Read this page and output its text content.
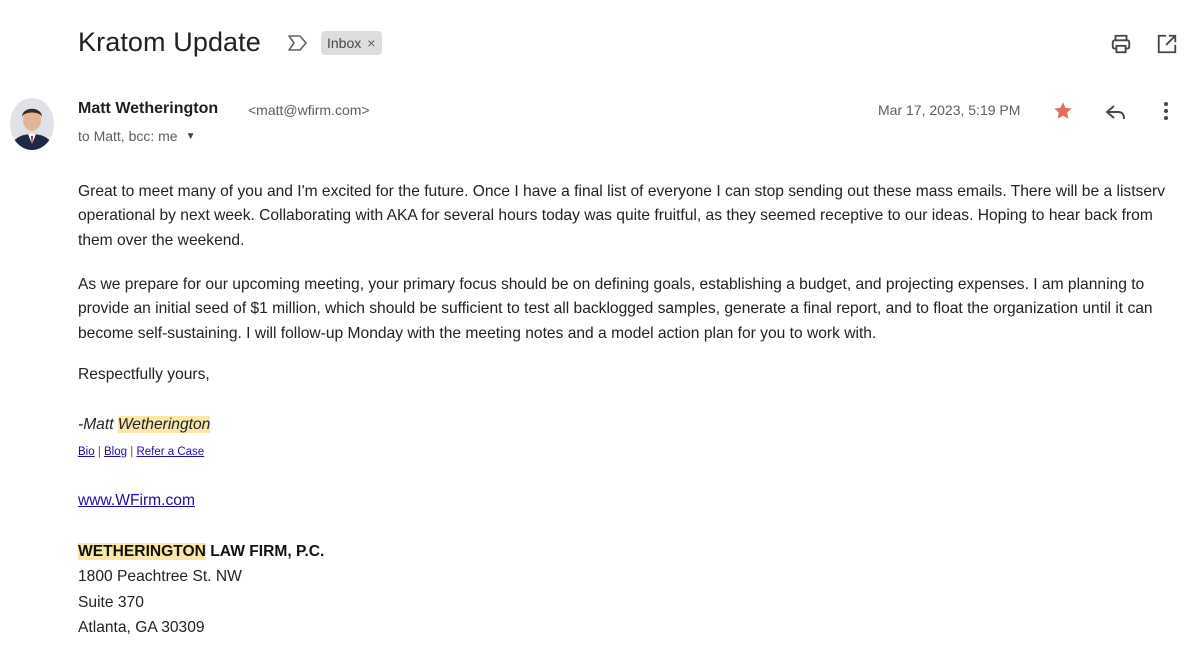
Kratom Update	Inbox ×
Matt Wetherington <matt@wfirm.com>
to Matt, bcc: me ▼
Mar 17, 2023, 5:19 PM

Great to meet many of you and I'm excited for the future. Once I have a final list of everyone I can stop sending out these mass emails. There will be a listserv operational by next week. Collaborating with AKA for several hours today was quite fruitful, as they seemed receptive to our ideas. Hoping to hear back from them over the weekend.

As we prepare for our upcoming meeting, your primary focus should be on defining goals, establishing a budget, and projecting expenses. I am planning to provide an initial seed of $1 million, which should be sufficient to test all backlogged samples, generate a final report, and to float the organization until it can become self-sustaining. I will follow-up Monday with the meeting notes and a model action plan for you to work with.

Respectfully yours,
-Matt Wetherington
Bio | Blog | Refer a Case
www.WFirm.com
WETHERINGTON LAW FIRM, P.C.
1800 Peachtree St. NW
Suite 370
Atlanta, GA 30309
